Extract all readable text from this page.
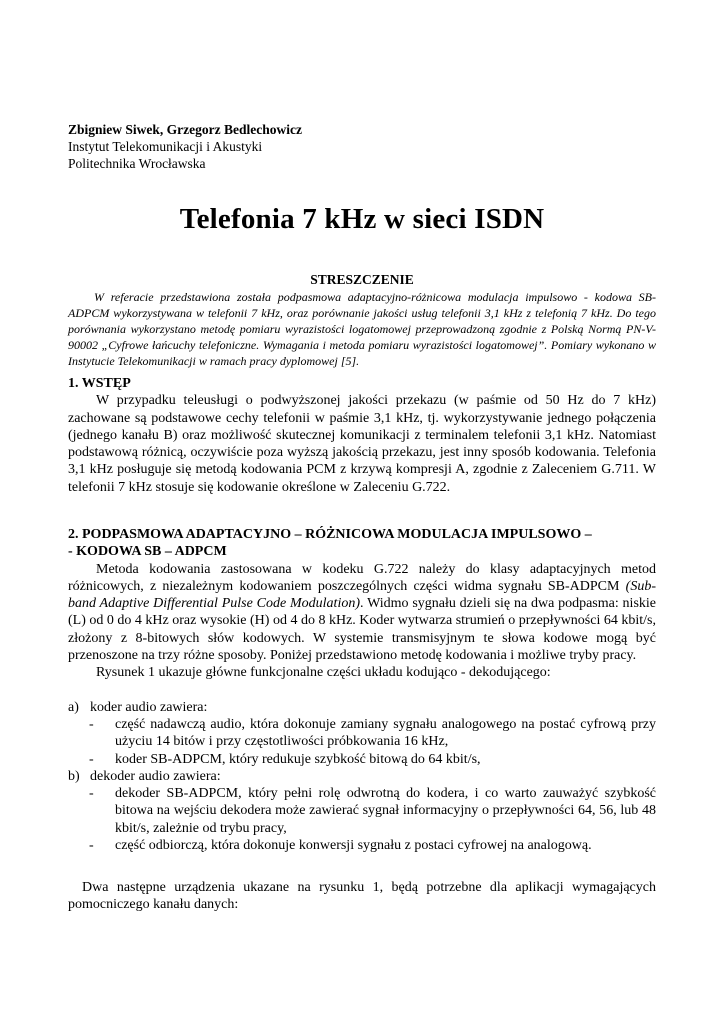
Zbigniew Siwek, Grzegorz Bedlechowicz
Instytut Telekomunikacji i Akustyki
Politechnika Wrocławska
Telefonia 7 kHz w sieci ISDN
STRESZCZENIE

W referacie przedstawiona została podpasmowa adaptacyjno-różnicowa modulacja impulsowo - kodowa SB-ADPCM wykorzystywana w telefonii 7 kHz, oraz porównanie jakości usług telefonii 3,1 kHz z telefonią 7 kHz. Do tego porównania wykorzystano metodę pomiaru wyrazistości logatomowej przeprowadzoną zgodnie z Polską Normą PN-V-90002 „Cyfrowe łańcuchy telefoniczne. Wymagania i metoda pomiaru wyrazistości logatomowej”. Pomiary wykonano w Instytucie Telekomunikacji w ramach pracy dyplomowej [5].

1. WSTĘP

W przypadku teleusługi o podwyższonej jakości przekazu (w paśmie od 50 Hz do 7 kHz) zachowane są podstawowe cechy telefonii w paśmie 3,1 kHz, tj. wykorzystywanie jednego połączenia (jednego kanału B) oraz możliwość skutecznej komunikacji z terminalem telefonii 3,1 kHz. Natomiast podstawową różnicą, oczywiście poza wyższą jakością przekazu, jest inny sposób kodowania. Telefonia 3,1 kHz posługuje się metodą kodowania PCM z krzywą kompresji A, zgodnie z Zaleceniem G.711. W telefonii 7 kHz stosuje się kodowanie określone w Zaleceniu G.722.

2. PODPASMOWA ADAPTACYJNO – RÓŻNICOWA MODULACJA IMPULSOWO –
- KODOWA SB – ADPCM

Metoda kodowania zastosowana w kodeku G.722 należy do klasy adaptacyjnych metod różnicowych, z niezależnym kodowaniem poszczególnych części widma sygnału SB-ADPCM (Sub-band Adaptive Differential Pulse Code Modulation). Widmo sygnału dzieli się na dwa podpasma: niskie (L) od 0 do 4 kHz oraz wysokie (H) od 4 do 8 kHz. Koder wytwarza strumień o przepływności 64 kbit/s, złożony z 8-bitowych słów kodowych. W systemie transmisyjnym te słowa kodowe mogą być przenoszone na trzy różne sposoby. Poniżej przedstawiono metodę kodowania i możliwe tryby pracy.

Rysunek 1 ukazuje główne funkcjonalne części układu kodująco - dekodującego:

a) koder audio zawiera:
-	część nadawczą audio, która dokonuje zamiany sygnału analogowego na postać cyfrową przy użyciu 14 bitów i przy częstotliwości próbkowania 16 kHz,
-	koder SB-ADPCM, który redukuje szybkość bitową do 64 kbit/s,
b) dekoder audio zawiera:
-	dekoder SB-ADPCM, który pełni rolę odwrotną do kodera, i co warto zauważyć szybkość bitowa na wejściu dekodera może zawierać sygnał informacyjny o przepływności 64, 56, lub 48 kbit/s, zależnie od trybu pracy,
-	część odbiorczą, która dokonuje konwersji sygnału z postaci cyfrowej na analogową.

Dwa następne urządzenia ukazane na rysunku 1, będą potrzebne dla aplikacji wymagających pomocniczego kanału danych:
